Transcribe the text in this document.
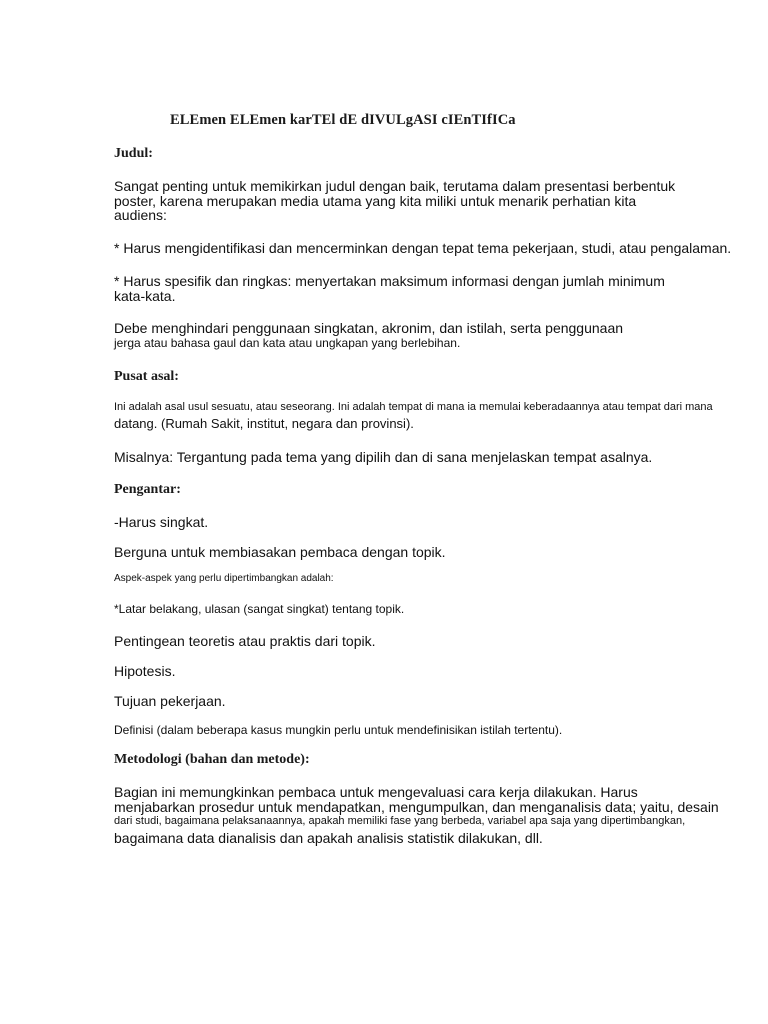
ELEmen ELEmen karTEl dE dIVULgASI cIEnTIfICa

Judul:

Sangat penting untuk memikirkan judul dengan baik, terutama dalam presentasi berbentuk

poster, karena merupakan media utama yang kita miliki untuk menarik perhatian kita

audiens:

* Harus mengidentifikasi dan mencerminkan dengan tepat tema pekerjaan, studi, atau pengalaman.

* Harus spesifik dan ringkas: menyertakan maksimum informasi dengan jumlah minimum

kata-kata.

Debe menghindari penggunaan singkatan, akronim, dan istilah, serta penggunaan

jerga atau bahasa gaul dan kata atau ungkapan yang berlebihan.

Pusat asal:

Ini adalah asal usul sesuatu, atau seseorang. Ini adalah tempat di mana ia memulai keberadaannya atau tempat dari mana

datang. (Rumah Sakit, institut, negara dan provinsi).

Misalnya: Tergantung pada tema yang dipilih dan di sana menjelaskan tempat asalnya.

Pengantar:

-Harus singkat.

Berguna untuk membiasakan pembaca dengan topik.

Aspek-aspek yang perlu dipertimbangkan adalah:

*Latar belakang, ulasan (sangat singkat) tentang topik.

Pentingean teoretis atau praktis dari topik.

Hipotesis.

Tujuan pekerjaan.

Definisi (dalam beberapa kasus mungkin perlu untuk mendefinisikan istilah tertentu).

Metodologi (bahan dan metode):

Bagian ini memungkinkan pembaca untuk mengevaluasi cara kerja dilakukan. Harus

menjabarkan prosedur untuk mendapatkan, mengumpulkan, dan menganalisis data; yaitu, desain

dari studi, bagaimana pelaksanaannya, apakah memiliki fase yang berbeda, variabel apa saja yang dipertimbangkan,

bagaimana data dianalisis dan apakah analisis statistik dilakukan, dll.
